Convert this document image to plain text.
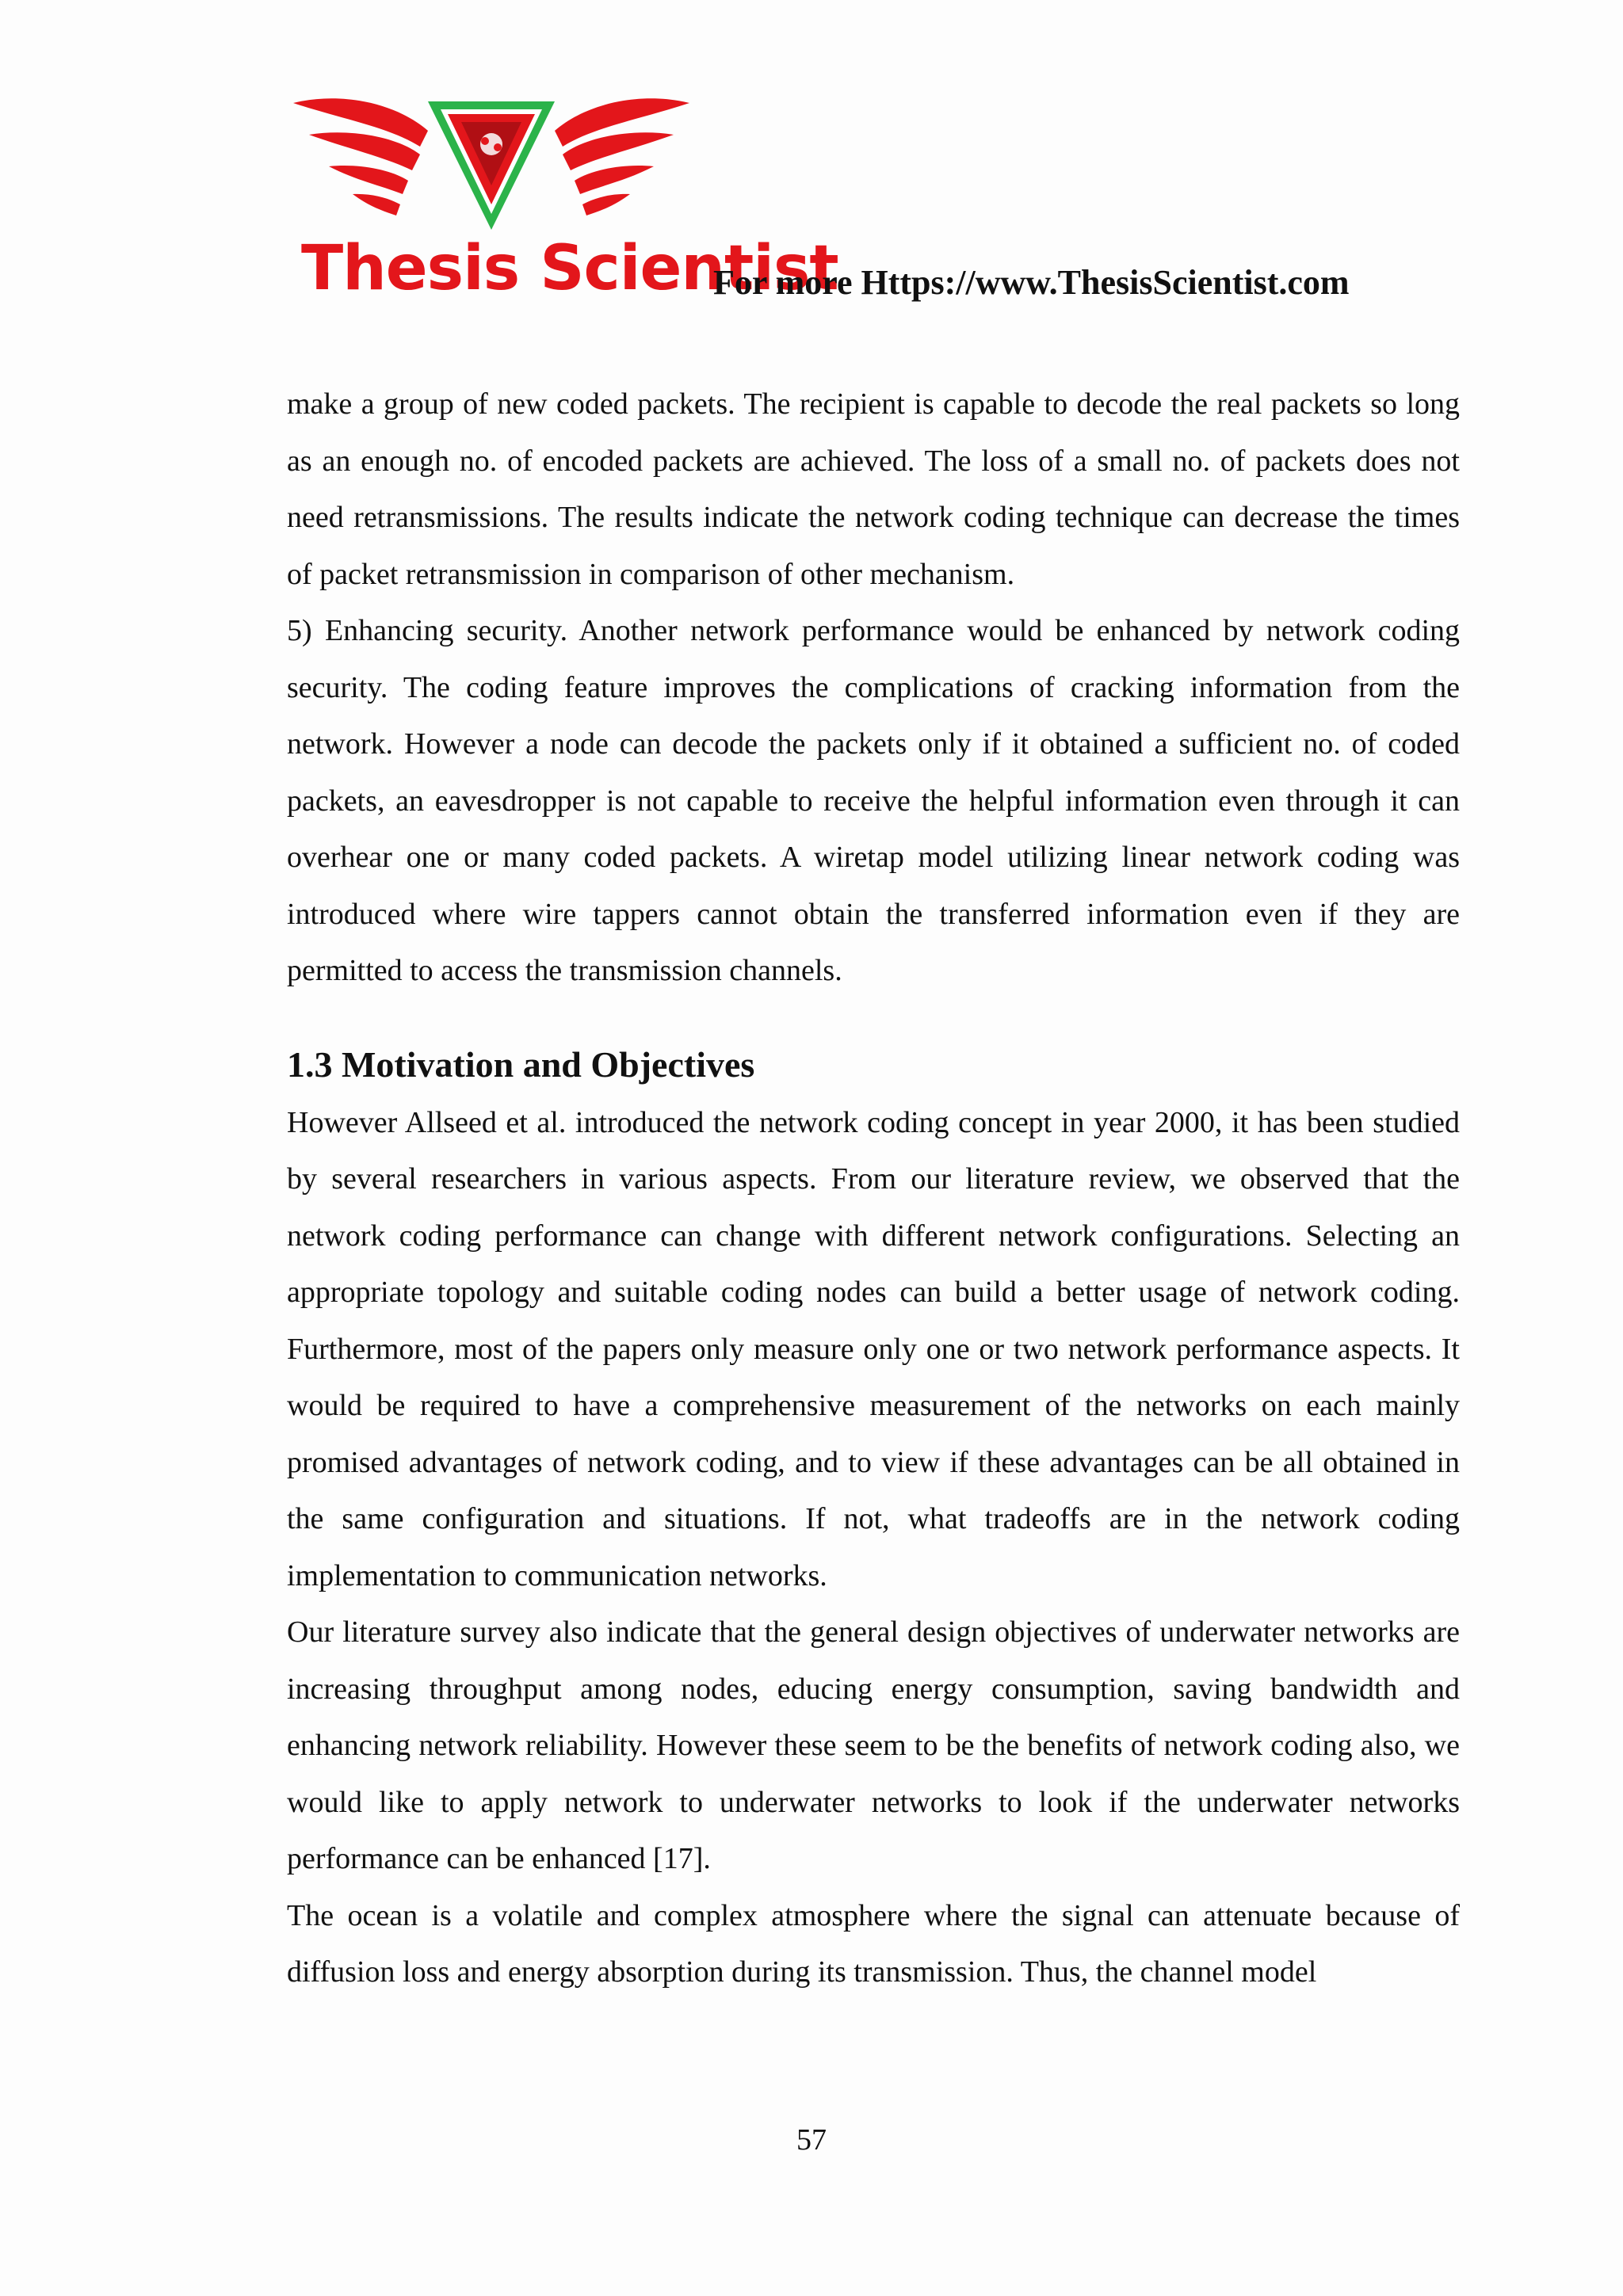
Thesis Scientist
For more Https://www.ThesisScientist.com

make a group of new coded packets. The recipient is capable to decode the real packets so long as an enough no. of encoded packets are achieved. The loss of a small no. of packets does not need retransmissions. The results indicate the network coding technique can decrease the times of packet retransmission in comparison of other mechanism.

5) Enhancing security. Another network performance would be enhanced by network coding security. The coding feature improves the complications of cracking information from the network. However a node can decode the packets only if it obtained a sufficient no. of coded packets, an eavesdropper is not capable to receive the helpful information even through it can overhear one or many coded packets. A wiretap model utilizing linear network coding was introduced where wire tappers cannot obtain the transferred information even if they are permitted to access the transmission channels.

1.3 Motivation and Objectives

However Allseed et al. introduced the network coding concept in year 2000, it has been studied by several researchers in various aspects. From our literature review, we observed that the network coding performance can change with different network configurations. Selecting an appropriate topology and suitable coding nodes can build a better usage of network coding. Furthermore, most of the papers only measure only one or two network performance aspects. It would be required to have a comprehensive measurement of the networks on each mainly promised advantages of network coding, and to view if these advantages can be all obtained in the same configuration and situations. If not, what tradeoffs are in the network coding implementation to communication networks.

Our literature survey also indicate that the general design objectives of underwater networks are increasing throughput among nodes, educing energy consumption, saving bandwidth and enhancing network reliability. However these seem to be the benefits of network coding also, we would like to apply network to underwater networks to look if the underwater networks performance can be enhanced [17].

The ocean is a volatile and complex atmosphere where the signal can attenuate because of diffusion loss and energy absorption during its transmission. Thus, the channel model

57
